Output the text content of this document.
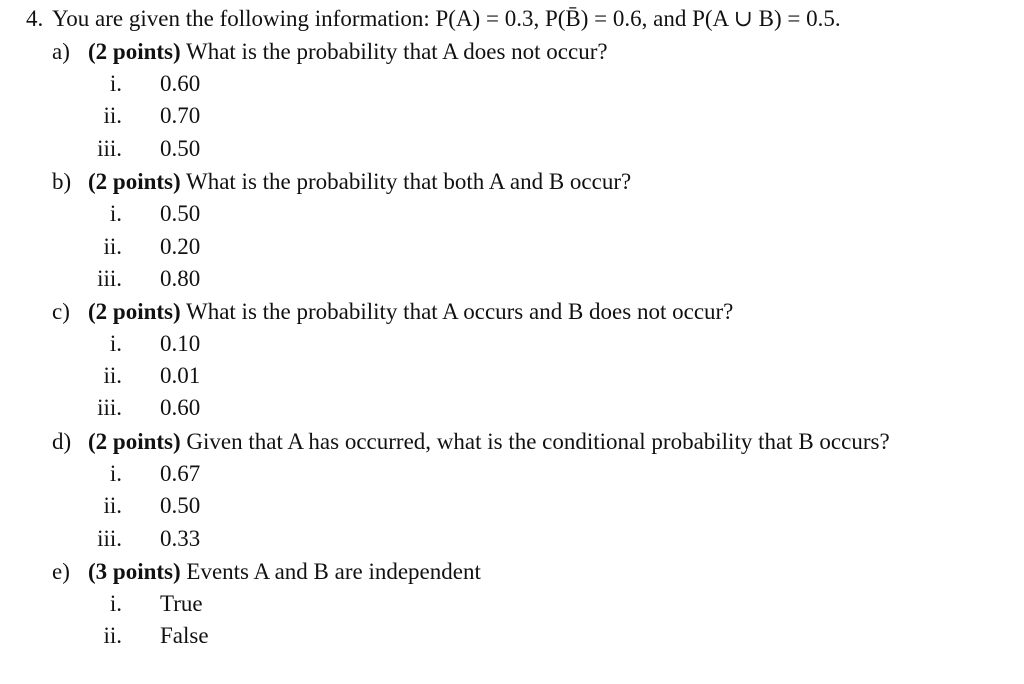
4. You are given the following information: P(A) = 0.3, P(B̄) = 0.6, and P(A ∪ B) = 0.5.
a) (2 points) What is the probability that A does not occur?
i. 0.60
ii. 0.70
iii. 0.50
b) (2 points) What is the probability that both A and B occur?
i. 0.50
ii. 0.20
iii. 0.80
c) (2 points) What is the probability that A occurs and B does not occur?
i. 0.10
ii. 0.01
iii. 0.60
d) (2 points) Given that A has occurred, what is the conditional probability that B occurs?
i. 0.67
ii. 0.50
iii. 0.33
e) (3 points) Events A and B are independent
i. True
ii. False
